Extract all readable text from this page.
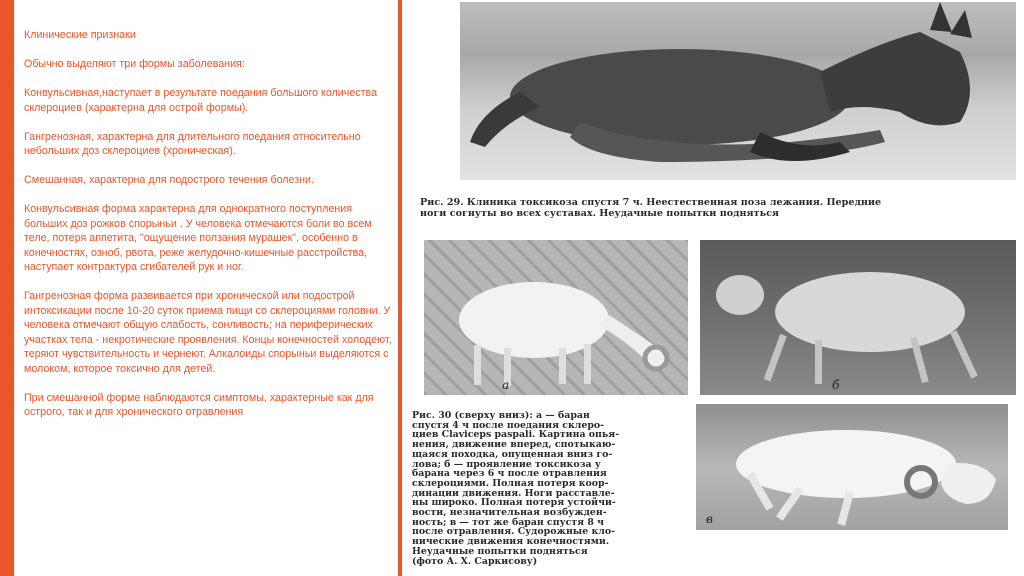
Клинические признаки

Обычно выделяют три формы заболевания:

Конвульсивная,наступает в результате поедания большого количества склероциев (характерна для острой формы).

Гангренозная, характерна для длительного поедания относительно небольших доз склероциев (хроническая).

Смешанная, характерна для подострого течения болезни.

Конвульсивная форма характерна для однократного поступления больших доз рожков спорыньи . У человека отмечаются боли во всем теле, потеря аппетита, "ощущение ползания мурашек", особенно в конечностях, озноб, рвота, реже желудочно-кишечные расстройства, наступает контрактура сгибателей рук и ног.

Гангренозная форма развивается при хронической или подострой интоксикации после 10-20 суток приема пищи со склероциями головни. У человека отмечают общую слабость, сонливость; на периферических участках тела - некротические проявления. Концы конечностей холодеют, теряют чувствительность и чернеют. Алкалоиды спорыньи выделяются с молоком, которое токсично для детей.

При смешанной форме наблюдаются симптомы, характерные как для острого, так и для хронического отравления

Рис. 29. Клиника токсикоза спустя 7 ч. Неестественная поза лежания. Передние
ноги согнуты во всех суставах. Неудачные попытки подняться
а	б
Рис. 30 (сверху вниз): а — баран
спустя 4 ч после поедания склеро-
циев Claviceps paspali. Картина опья-
нения, движение вперед, спотыкаю-
щаяся походка, опущенная вниз го-
лова; б — проявление токсикоза у
барана через 6 ч после отравления
склероциями. Полная потеря коор-
динации движения. Ноги расставле-
ны широко. Полная потеря устойчи-
вости, незначительная возбужден-
ность; в — тот же баран спустя 8 ч
после отравления. Судорожные кло-
нические движения конечностями.
Неудачные попытки подняться
(фото А. Х. Саркисову)
в
